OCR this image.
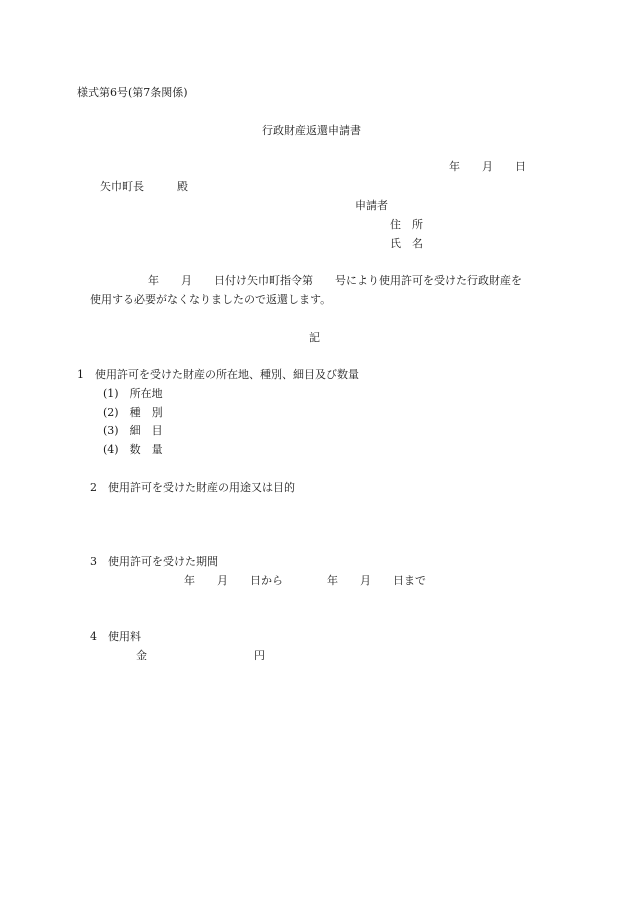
様式第6号(第7条関係)
行政財産返還申請書
年　　月　　日
矢巾町長　　　殿
申請者
住　所
氏　名
年　　月　　日付け矢巾町指令第　　号により使用許可を受けた行政財産を
使用する必要がなくなりましたので返還します。
記
1　使用許可を受けた財産の所在地、種別、細目及び数量
(1)　所在地
(2)　種　別
(3)　細　目
(4)　数　量
2　使用許可を受けた財産の用途又は目的
3　使用許可を受けた期間
年　　月　　日から　　　　年　　月　　日まで
4　使用料
金	円
